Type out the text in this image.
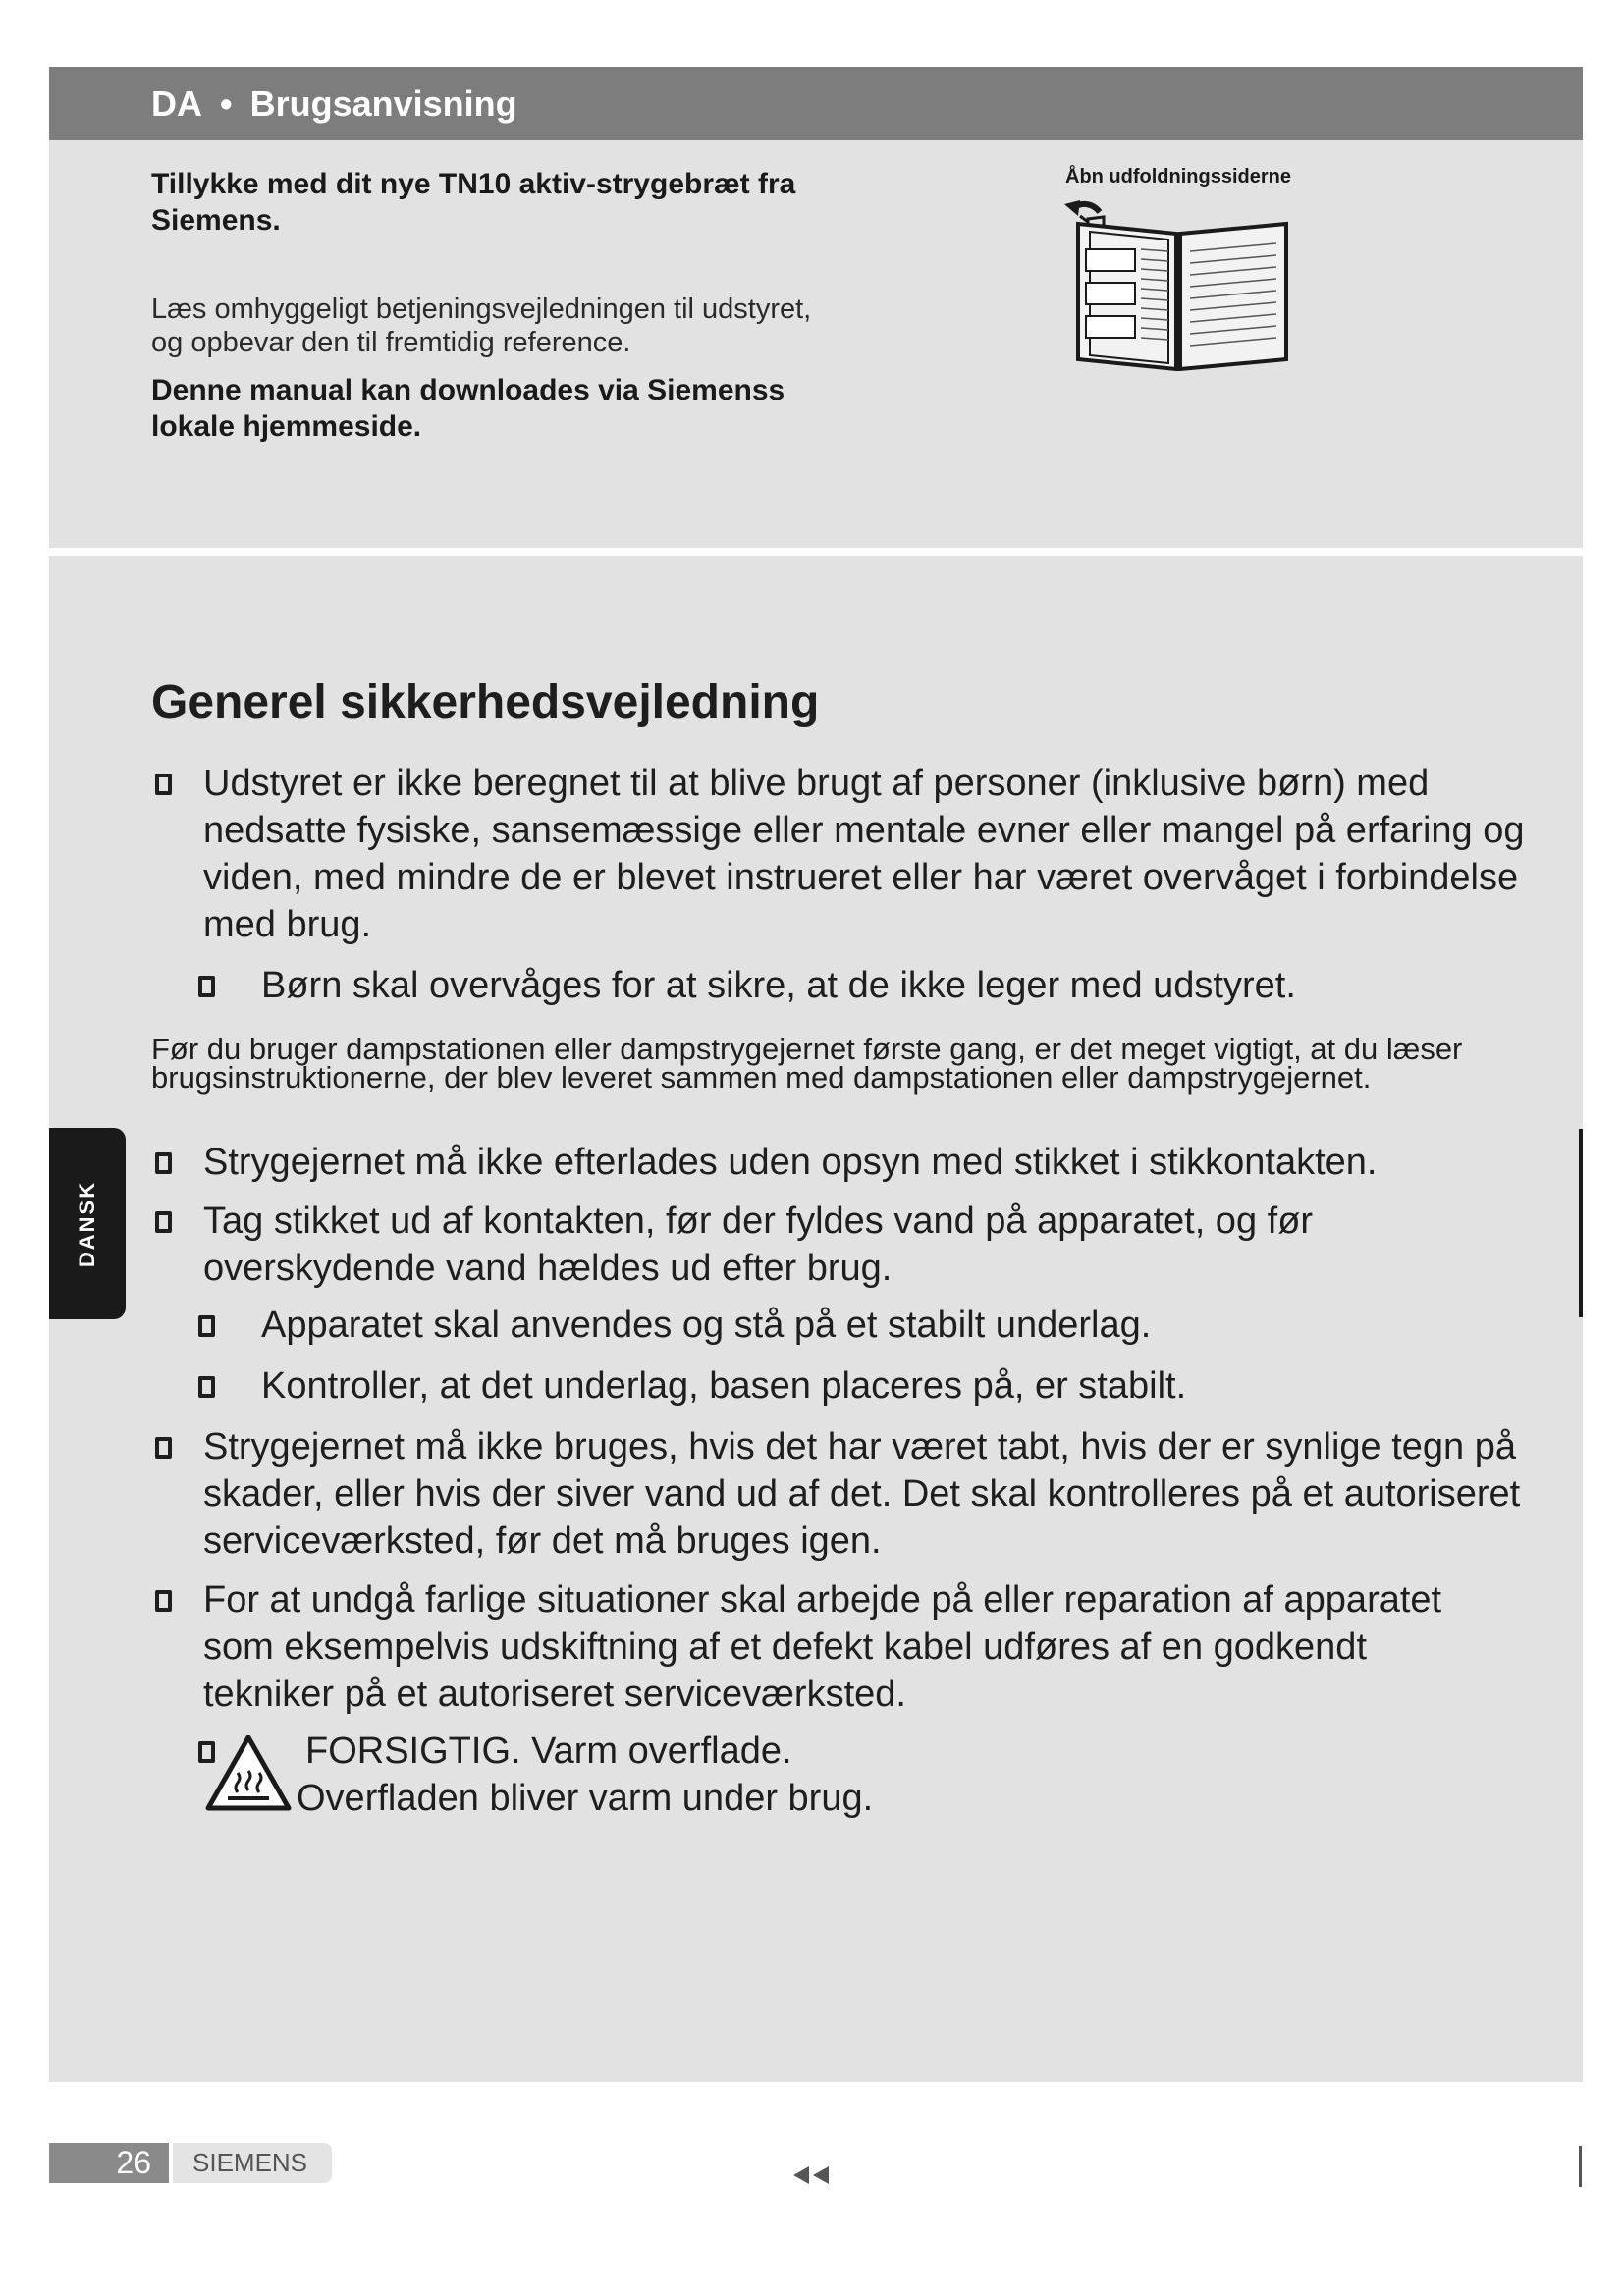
DA • Brugsanvisning
Tillykke med dit nye TN10 aktiv-strygebræt fra Siemens.
Læs omhyggeligt betjeningsvejledningen til udstyret, og opbevar den til fremtidig reference.
Denne manual kan downloades via Siemenss lokale hjemmeside.
Åbn udfoldningssiderne
Generel sikkerhedsvejledning
Udstyret er ikke beregnet til at blive brugt af personer (inklusive børn) med nedsatte fysiske, sansemæssige eller mentale evner eller mangel på erfaring og viden, med mindre de er blevet instrueret eller har været overvåget i forbindelse med brug.
Børn skal overvåges for at sikre, at de ikke leger med udstyret.
Før du bruger dampstationen eller dampstrygejernet første gang, er det meget vigtigt, at du læser brugsinstruktionerne, der blev leveret sammen med dampstationen eller dampstrygejernet.
Strygejernet må ikke efterlades uden opsyn med stikket i stikkontakten.
Tag stikket ud af kontakten, før der fyldes vand på apparatet, og før overskydende vand hældes ud efter brug.
Apparatet skal anvendes og stå på et stabilt underlag.
Kontroller, at det underlag, basen placeres på, er stabilt.
Strygejernet må ikke bruges, hvis det har været tabt, hvis der er synlige tegn på skader, eller hvis der siver vand ud af det. Det skal kontrolleres på et autoriseret serviceværksted, før det må bruges igen.
For at undgå farlige situationer skal arbejde på eller reparation af apparatet som eksempelvis udskiftning af et defekt kabel udføres af en godkendt tekniker på et autoriseret serviceværksted.
FORSIGTIG. Varm overflade.
Overfladen bliver varm under brug.
DANSK
26	SIEMENS
